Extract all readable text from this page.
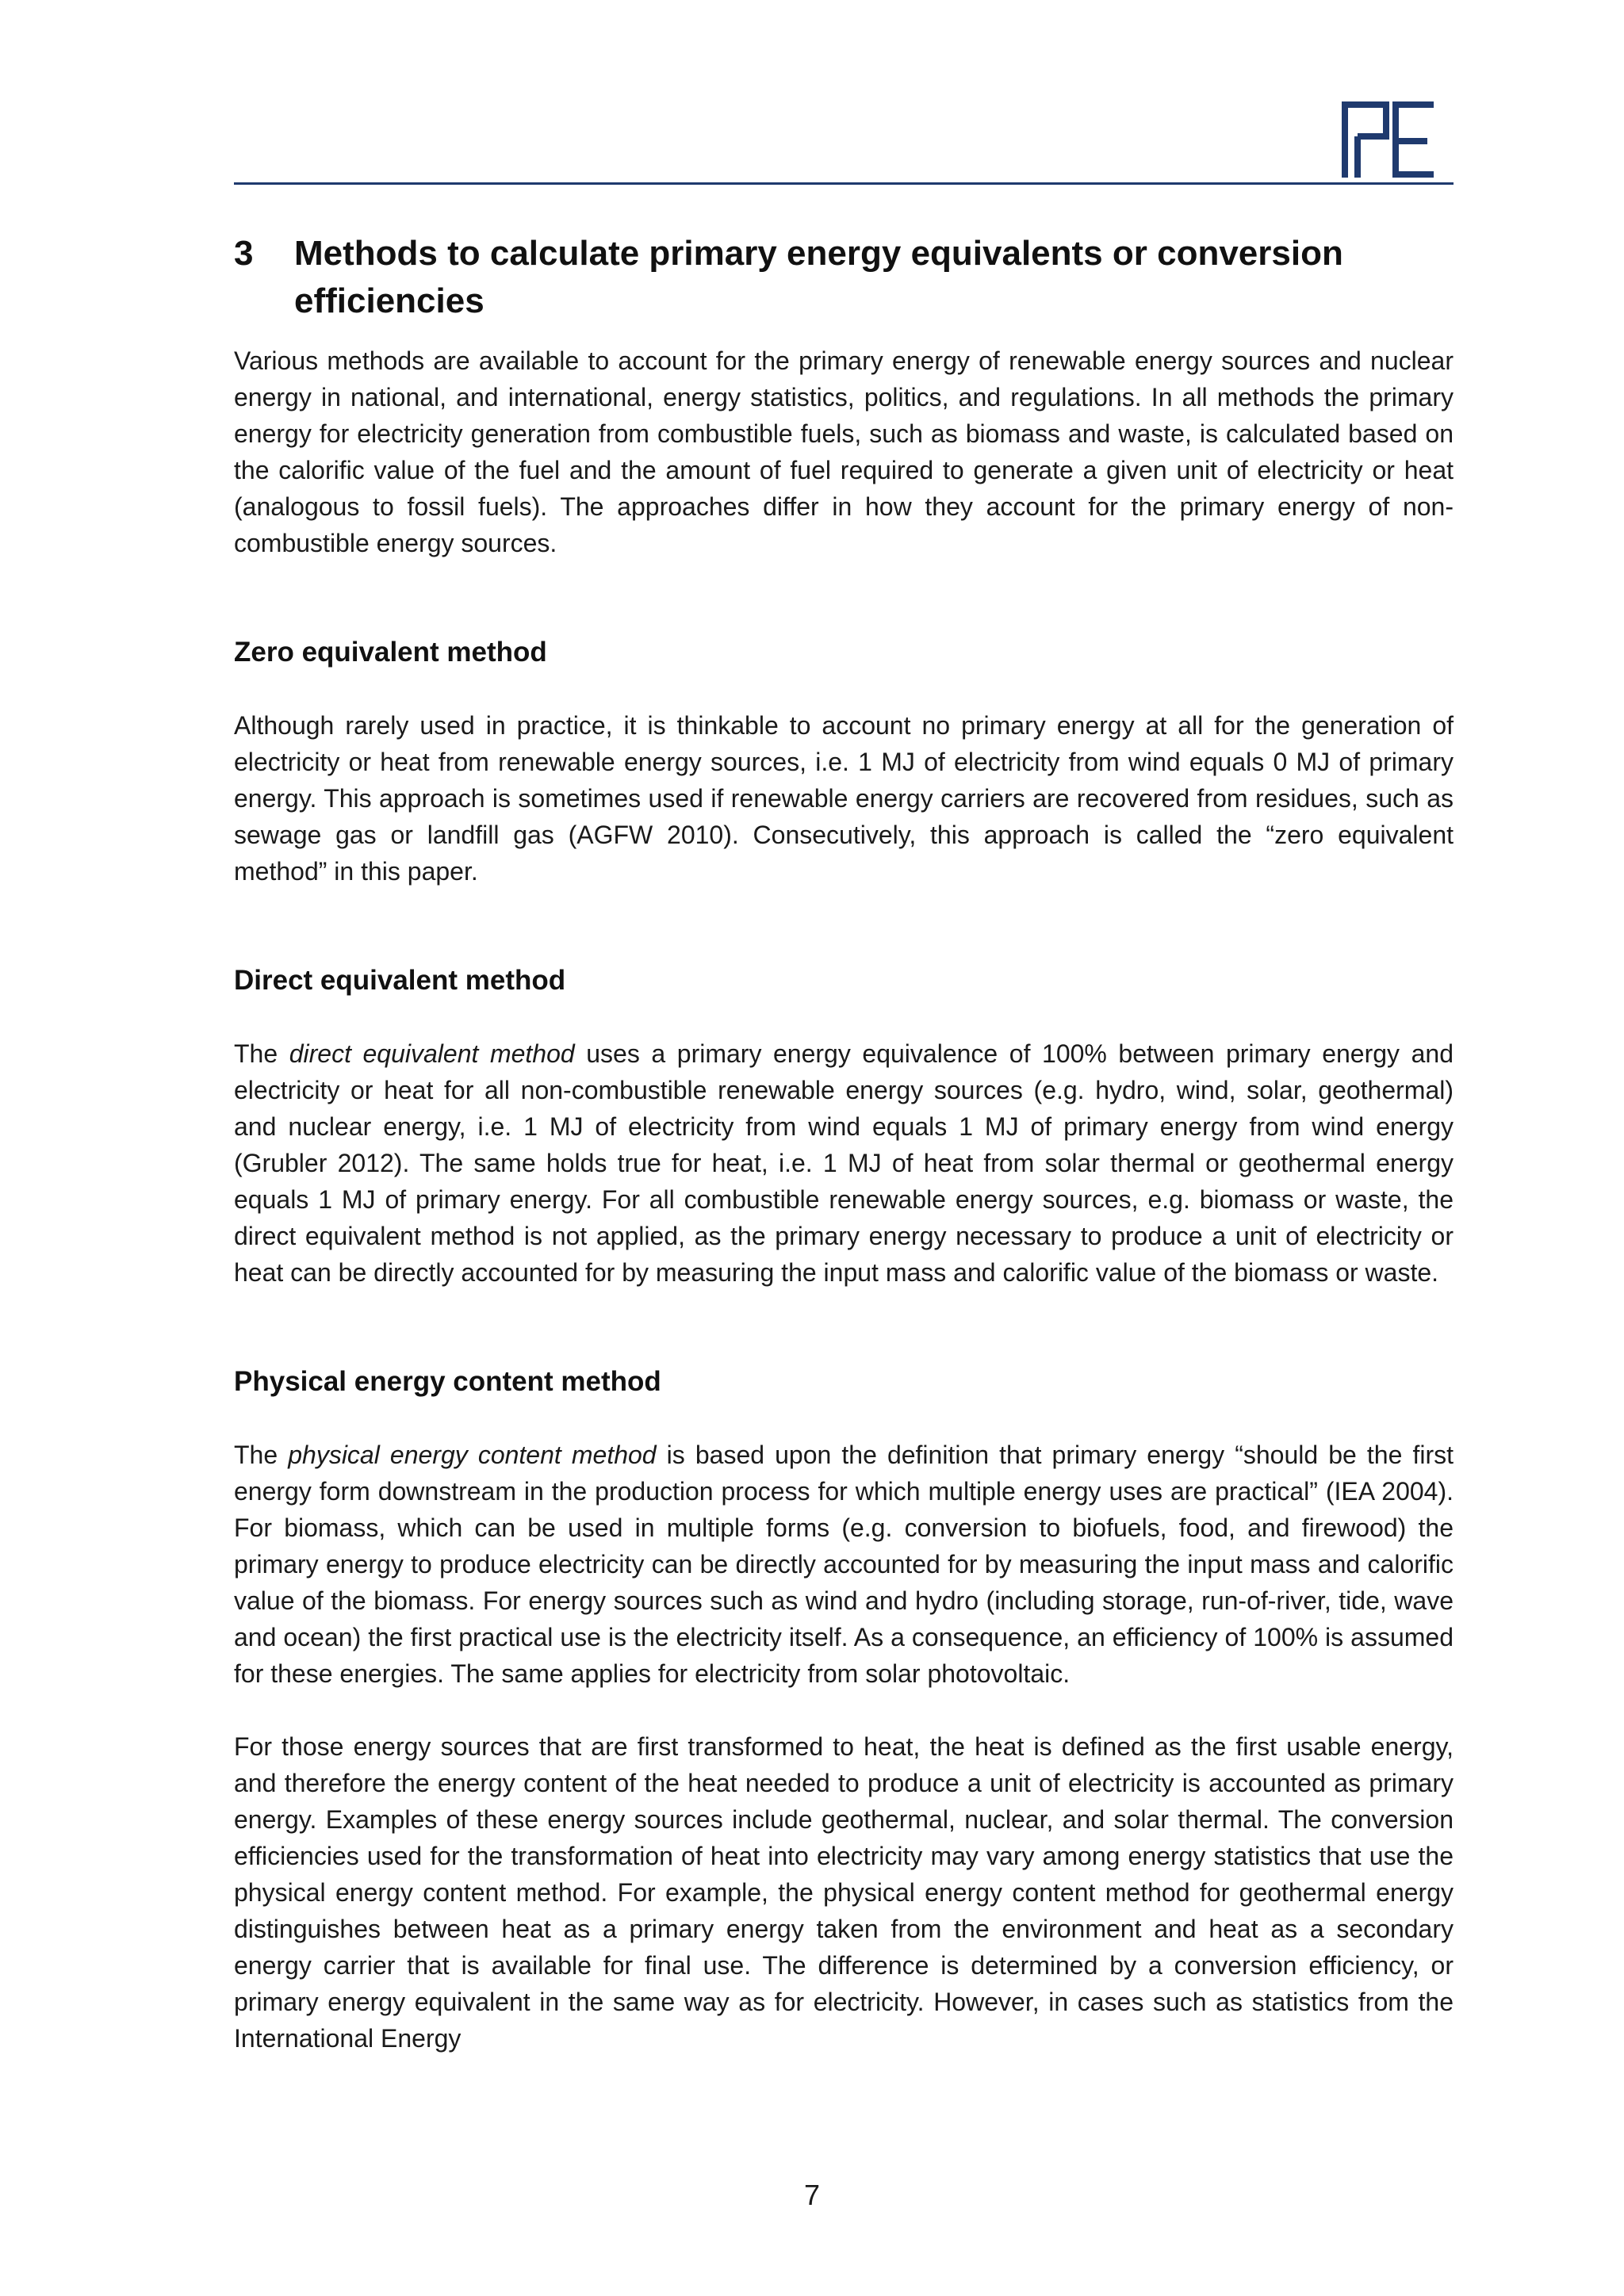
3	Methods to calculate primary energy equivalents or conversion efficiencies

Various methods are available to account for the primary energy of renewable energy sources and nuclear energy in national, and international, energy statistics, politics, and regulations. In all methods the primary energy for electricity generation from combustible fuels, such as biomass and waste, is calculated based on the calorific value of the fuel and the amount of fuel required to generate a given unit of electricity or heat (analogous to fossil fuels). The approaches differ in how they account for the primary energy of non-combustible energy sources.

Zero equivalent method

Although rarely used in practice, it is thinkable to account no primary energy at all for the generation of electricity or heat from renewable energy sources, i.e. 1 MJ of electricity from wind equals 0 MJ of primary energy. This approach is sometimes used if renewable energy carriers are recovered from residues, such as sewage gas or landfill gas (AGFW 2010). Consecutively, this approach is called the “zero equivalent method” in this paper.

Direct equivalent method

The direct equivalent method uses a primary energy equivalence of 100% between primary energy and electricity or heat for all non-combustible renewable energy sources (e.g. hydro, wind, solar, geothermal) and nuclear energy, i.e. 1 MJ of electricity from wind equals 1 MJ of primary energy from wind energy (Grubler 2012). The same holds true for heat, i.e. 1 MJ of heat from solar thermal or geothermal energy equals 1 MJ of primary energy. For all combustible renewable energy sources, e.g. biomass or waste, the direct equivalent method is not applied, as the primary energy necessary to produce a unit of electricity or heat can be directly accounted for by measuring the input mass and calorific value of the biomass or waste.

Physical energy content method

The physical energy content method is based upon the definition that primary energy “should be the first energy form downstream in the production process for which multiple energy uses are practical” (IEA 2004). For biomass, which can be used in multiple forms (e.g. conversion to biofuels, food, and firewood) the primary energy to produce electricity can be directly accounted for by measuring the input mass and calorific value of the biomass. For energy sources such as wind and hydro (including storage, run-of-river, tide, wave and ocean) the first practical use is the electricity itself. As a consequence, an efficiency of 100% is assumed for these energies. The same applies for electricity from solar photovoltaic.

For those energy sources that are first transformed to heat, the heat is defined as the first usable energy, and therefore the energy content of the heat needed to produce a unit of electricity is accounted as primary energy. Examples of these energy sources include geothermal, nuclear, and solar thermal. The conversion efficiencies used for the transformation of heat into electricity may vary among energy statistics that use the physical energy content method. For example, the physical energy content method for geothermal energy distinguishes between heat as a primary energy taken from the environment and heat as a secondary energy carrier that is available for final use. The difference is determined by a conversion efficiency, or primary energy equivalent in the same way as for electricity. However, in cases such as statistics from the International Energy

7
